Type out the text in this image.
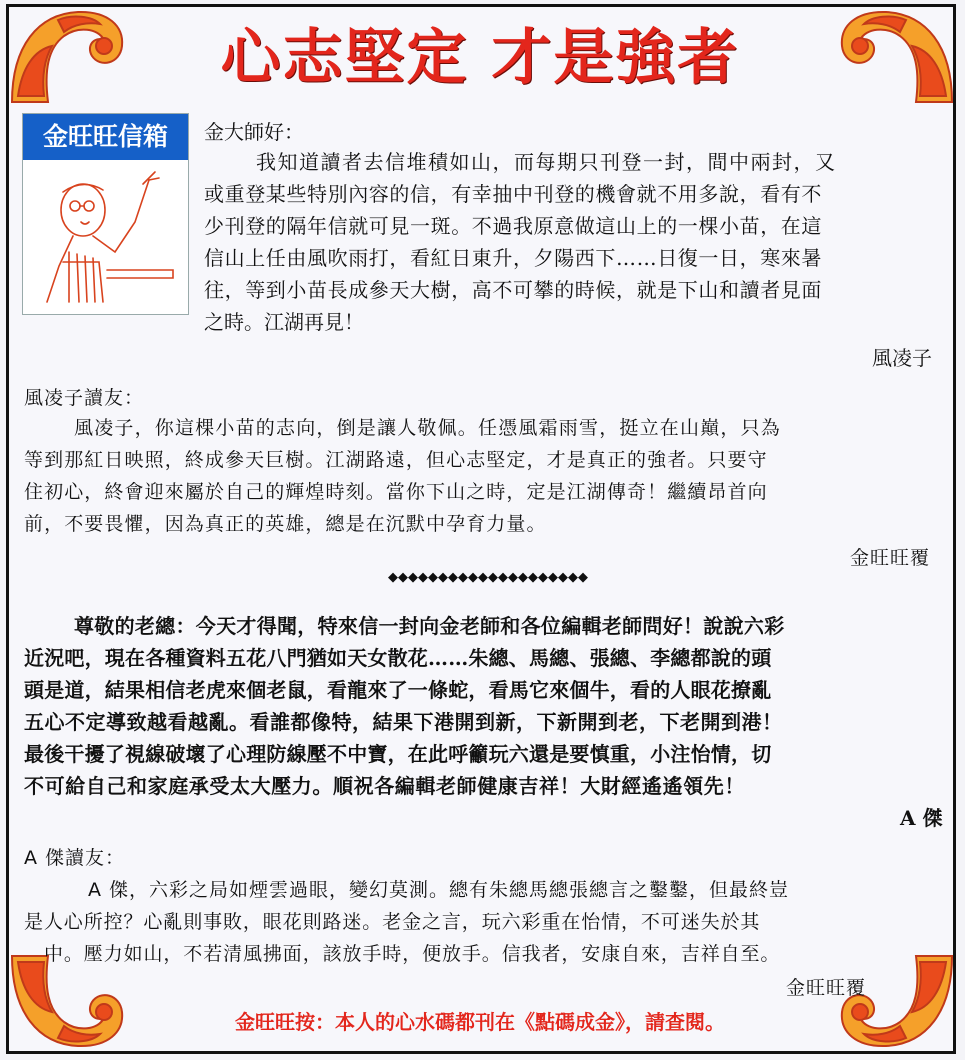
心志堅定 才是強者
金旺旺信箱	金大師好：
我知道讀者去信堆積如山，而每期只刊登一封，間中兩封，又
或重登某些特別內容的信，有幸抽中刊登的機會就不用多說，看有不
少刊登的隔年信就可見一斑。不過我原意做這山上的一棵小苗，在這
信山上任由風吹雨打，看紅日東升，夕陽西下……日復一日，寒來暑
往，等到小苗長成參天大樹，高不可攀的時候，就是下山和讀者見面
之時。江湖再見！
風凌子
風凌子讀友：
風凌子，你這棵小苗的志向，倒是讓人敬佩。任憑風霜雨雪，挺立在山巔，只為
等到那紅日映照，終成參天巨樹。江湖路遠，但心志堅定，才是真正的強者。只要守
住初心，終會迎來屬於自己的輝煌時刻。當你下山之時，定是江湖傳奇！繼續昂首向
前，不要畏懼，因為真正的英雄，總是在沉默中孕育力量。
金旺旺覆
◆◆◆◆◆◆◆◆◆◆◆◆◆◆◆◆◆◆◆◆
尊敬的老總：今天才得聞，特來信一封向金老師和各位編輯老師問好！說說六彩
近況吧，現在各種資料五花八門猶如天女散花……朱總、馬總、張總、李總都說的頭
頭是道，結果相信老虎來個老鼠，看龍來了一條蛇，看馬它來個牛，看的人眼花撩亂
五心不定導致越看越亂。看誰都像特，結果下港開到新，下新開到老，下老開到港！
最後干擾了視線破壞了心理防線壓不中寶，在此呼籲玩六還是要慎重，小注怡情，切
不可給自己和家庭承受太大壓力。順祝各編輯老師健康吉祥！大財經遙遙領先！
A 傑
A 傑讀友：
A 傑，六彩之局如煙雲過眼，變幻莫測。總有朱總馬總張總言之鑿鑿，但最終豈
是人心所控？心亂則事敗，眼花則路迷。老金之言，玩六彩重在怡情，不可迷失於其
中。壓力如山，不若清風拂面，該放手時，便放手。信我者，安康自來，吉祥自至。
金旺旺覆
金旺旺按：本人的心水碼都刊在《點碼成金》，請查閱。
